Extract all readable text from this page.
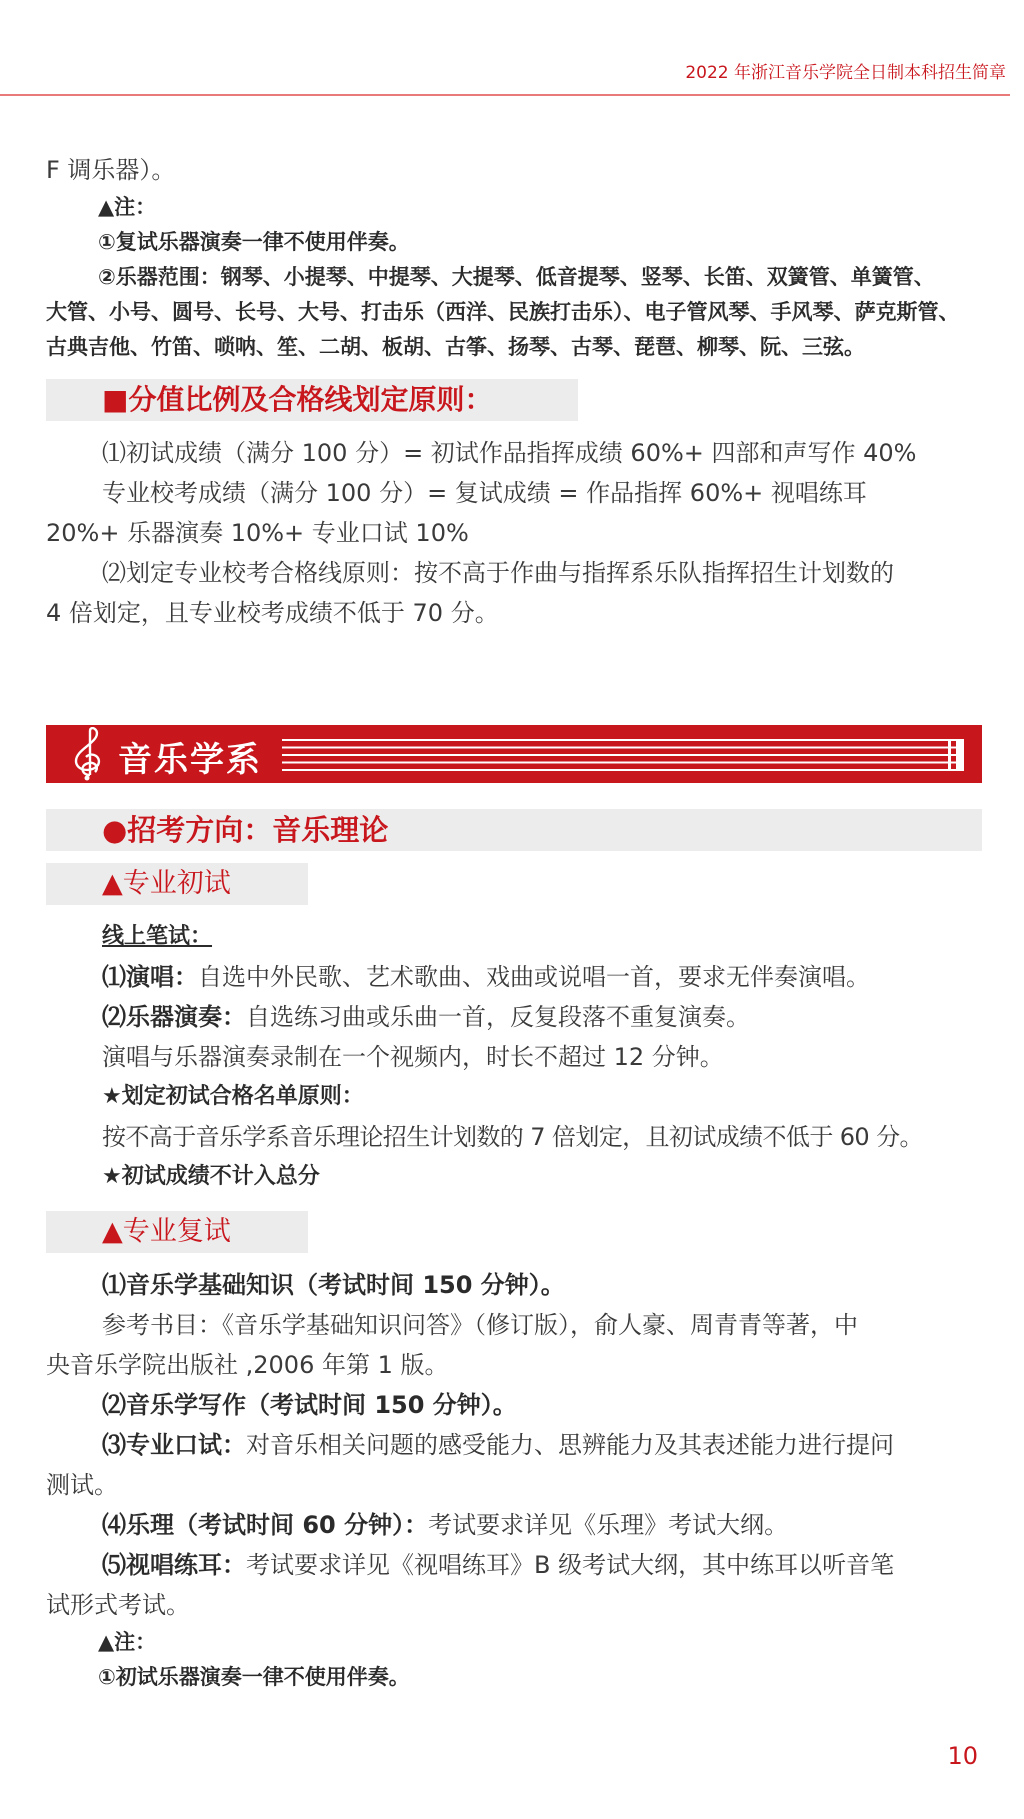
2022 年浙江音乐学院全日制本科招生简章

F 调乐器）。

▲注：

①复试乐器演奏一律不使用伴奏。

②乐器范围：钢琴、小提琴、中提琴、大提琴、低音提琴、竖琴、长笛、双簧管、单簧管、

大管、小号、圆号、长号、大号、打击乐（西洋、民族打击乐）、电子管风琴、手风琴、萨克斯管、

古典吉他、竹笛、唢呐、笙、二胡、板胡、古筝、扬琴、古琴、琵琶、柳琴、阮、三弦。

■分值比例及合格线划定原则：

⑴初试成绩（满分 100 分）= 初试作品指挥成绩 60%+ 四部和声写作 40%

专业校考成绩（满分 100 分）= 复试成绩 = 作品指挥 60%+ 视唱练耳

20%+ 乐器演奏 10%+ 专业口试 10%

⑵划定专业校考合格线原则：按不高于作曲与指挥系乐队指挥招生计划数的

4 倍划定，且专业校考成绩不低于 70 分。

音乐学系
●招考方向：音乐理论
▲专业初试

线上笔试：

⑴演唱：自选中外民歌、艺术歌曲、戏曲或说唱一首，要求无伴奏演唱。

⑵乐器演奏：自选练习曲或乐曲一首，反复段落不重复演奏。

演唱与乐器演奏录制在一个视频内，时长不超过 12 分钟。

★划定初试合格名单原则：

按不高于音乐学系音乐理论招生计划数的 7 倍划定，且初试成绩不低于 60 分。

★初试成绩不计入总分

▲专业复试

⑴音乐学基础知识（考试时间 150 分钟）。

参考书目：《音乐学基础知识问答》（修订版），俞人豪、周青青等著，中

央音乐学院出版社 ,2006 年第 1 版。

⑵音乐学写作（考试时间 150 分钟）。

⑶专业口试：对音乐相关问题的感受能力、思辨能力及其表述能力进行提问

测试。

⑷乐理（考试时间 60 分钟）：考试要求详见《乐理》考试大纲。

⑸视唱练耳：考试要求详见《视唱练耳》B 级考试大纲，其中练耳以听音笔

试形式考试。

▲注：

①初试乐器演奏一律不使用伴奏。

10
